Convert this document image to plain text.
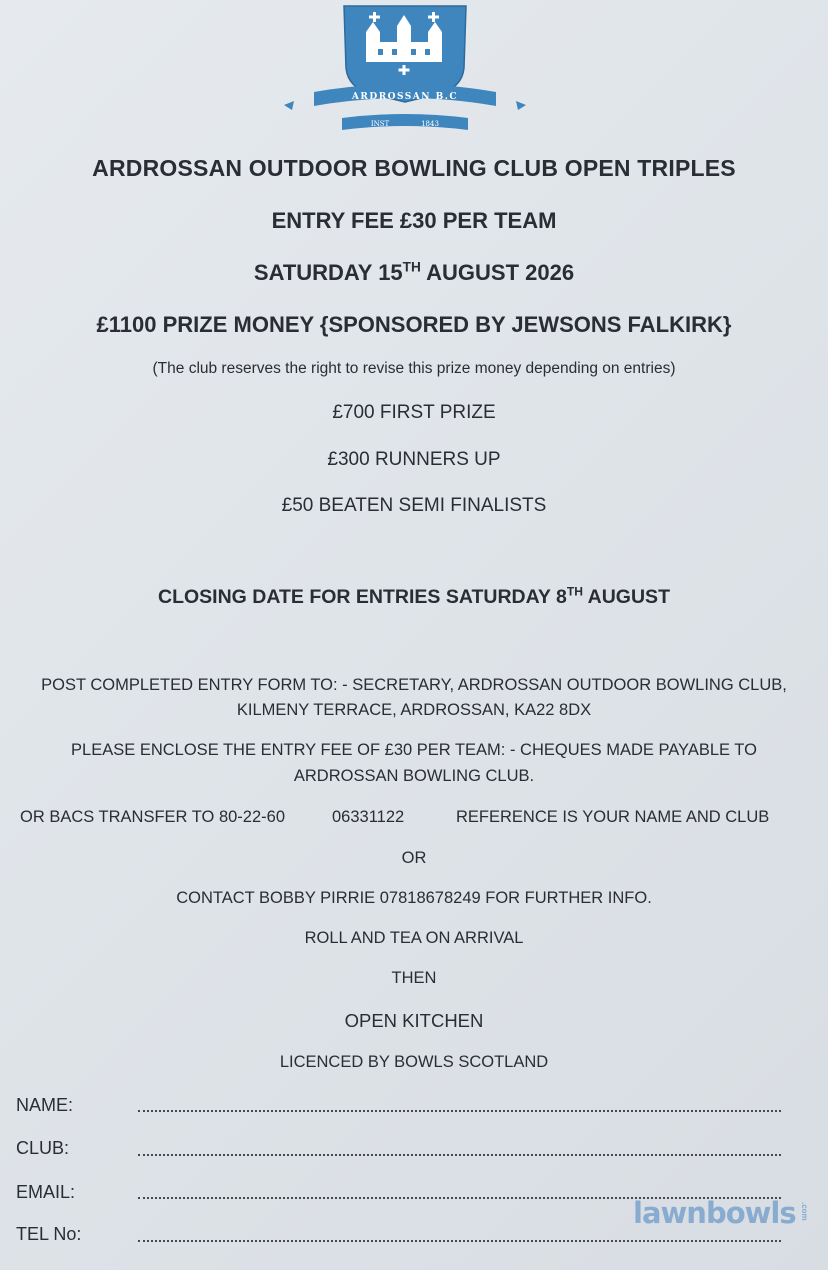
ARDROSSAN B.C
INST	1843
ARDROSSAN OUTDOOR BOWLING CLUB OPEN TRIPLES
ENTRY FEE £30 PER TEAM
SATURDAY 15TH AUGUST 2026
£1100 PRIZE MONEY {SPONSORED BY JEWSONS FALKIRK}
(The club reserves the right to revise this prize money depending on entries)
£700 FIRST PRIZE
£300 RUNNERS UP
£50 BEATEN SEMI FINALISTS
CLOSING DATE FOR ENTRIES SATURDAY 8TH AUGUST
POST COMPLETED ENTRY FORM TO: - SECRETARY, ARDROSSAN OUTDOOR BOWLING CLUB,
KILMENY TERRACE, ARDROSSAN, KA22 8DX
PLEASE ENCLOSE THE ENTRY FEE OF £30 PER TEAM: - CHEQUES MADE PAYABLE TO
ARDROSSAN BOWLING CLUB.
OR BACS TRANSFER TO 80-22-60	06331122	REFERENCE IS YOUR NAME AND CLUB
OR
CONTACT BOBBY PIRRIE 07818678249 FOR FURTHER INFO.
ROLL AND TEA ON ARRIVAL
THEN
OPEN KITCHEN
LICENCED BY BOWLS SCOTLAND
NAME:
CLUB:
EMAIL:
TEL No:
lawnbowls .com
